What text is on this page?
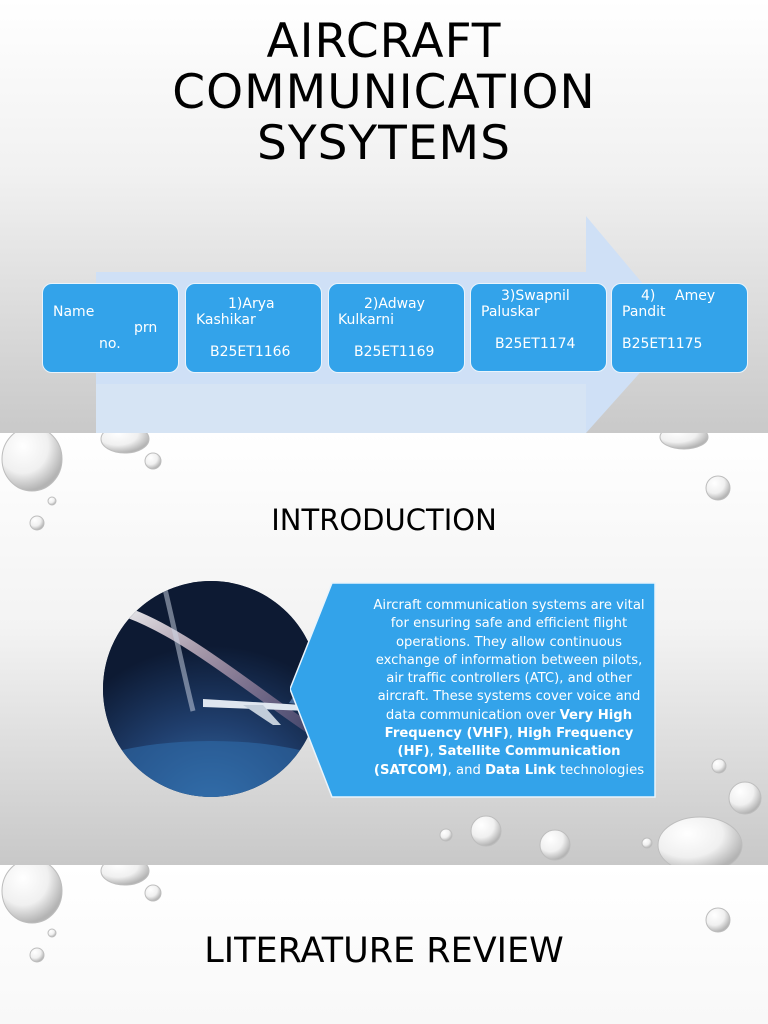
AIRCRAFT
COMMUNICATION
SYSYTEMS
Name
prn
no.
1)Arya
Kashikar
B25ET1166
2)Adway
Kulkarni
B25ET1169
3)Swapnil
Paluskar
B25ET1174
4) Amey
Pandit
B25ET1175
INTRODUCTION
Aircraft communication systems are vital for ensuring safe and efficient flight operations. They allow continuous exchange of information between pilots, air traffic controllers (ATC), and other aircraft. These systems cover voice and data communication over Very High Frequency (VHF), High Frequency (HF), Satellite Communication (SATCOM), and Data Link technologies
LITERATURE REVIEW
